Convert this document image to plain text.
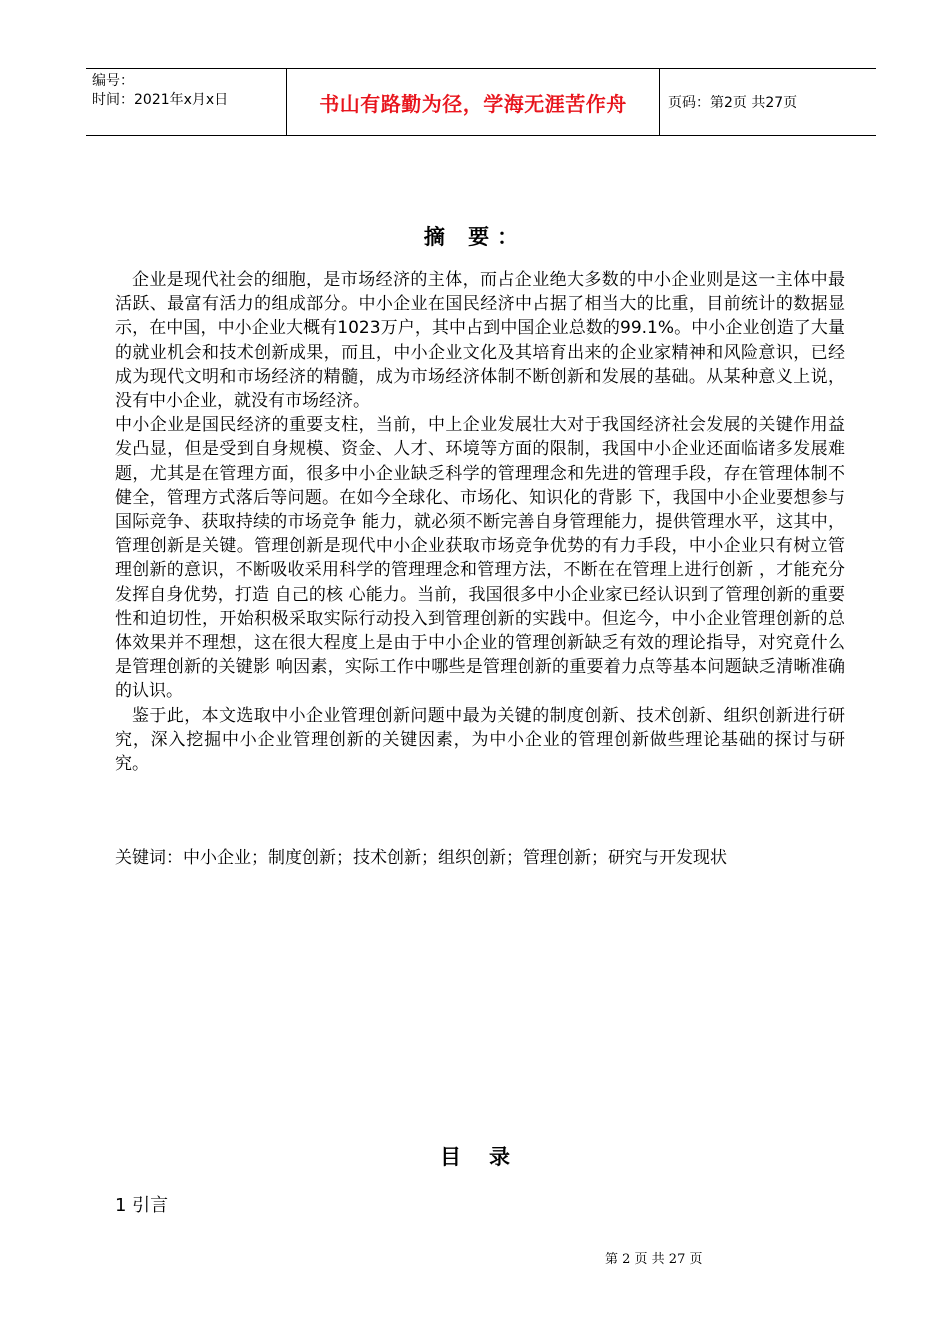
编号：
时间：2021年x月x日	书山有路勤为径，学海无涯苦作舟	页码：第2页 共27页
摘 要：

企业是现代社会的细胞，是市场经济的主体，而占企业绝大多数的中小企业则是这一主体中最活跃、最富有活力的组成部分。中小企业在国民经济中占据了相当大的比重，目前统计的数据显示，在中国，中小企业大概有1023万户，其中占到中国企业总数的99.1%。中小企业创造了大量的就业机会和技术创新成果，而且，中小企业文化及其培育出来的企业家精神和风险意识，已经成为现代文明和市场经济的精髓，成为市场经济体制不断创新和发展的基础。从某种意义上说，没有中小企业，就没有市场经济。

中小企业是国民经济的重要支柱，当前，中上企业发展壮大对于我国经济社会发展的关键作用益发凸显，但是受到自身规模、资金、人才、环境等方面的限制，我国中小企业还面临诸多发展难题，尤其是在管理方面，很多中小企业缺乏科学的管理理念和先进的管理手段，存在管理体制不健全，管理方式落后等问题。在如今全球化、市场化、知识化的背影 下，我国中小企业要想参与国际竞争、获取持续的市场竞争 能力，就必须不断完善自身管理能力，提供管理水平，这其中，管理创新是关键。管理创新是现代中小企业获取市场竞争优势的有力手段，中小企业只有树立管理创新的意识，不断吸收采用科学的管理理念和管理方法，不断在在管理上进行创新 ，才能充分发挥自身优势，打造 自己的核 心能力。当前，我国很多中小企业家已经认识到了管理创新的重要性和迫切性，开始积极采取实际行动投入到管理创新的实践中。但迄今，中小企业管理创新的总体效果并不理想，这在很大程度上是由于中小企业的管理创新缺乏有效的理论指导，对究竟什么是管理创新的关键影 响因素，实际工作中哪些是管理创新的重要着力点等基本问题缺乏清晰准确的认识。

鉴于此，本文选取中小企业管理创新问题中最为关键的制度创新、技术创新、组织创新进行研究，深入挖掘中小企业管理创新的关键因素，为中小企业的管理创新做些理论基础的探讨与研究。

关键词：中小企业；制度创新；技术创新；组织创新；管理创新；研究与开发现状
目录
1 引言
第 2 页 共 27 页
